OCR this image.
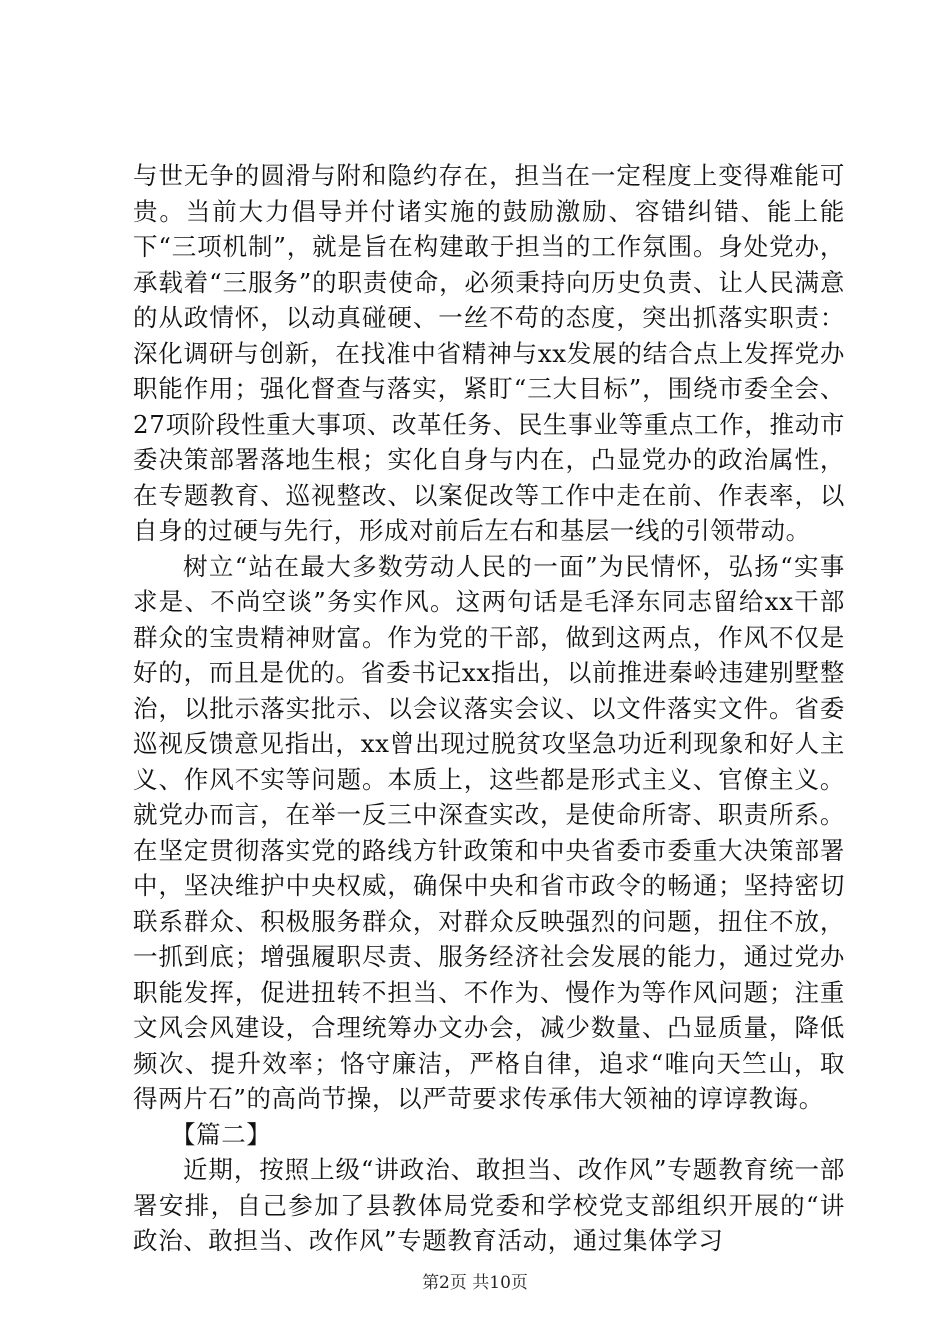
与世无争的圆滑与附和隐约存在，担当在一定程度上变得难能可贵。当前大力倡导并付诸实施的鼓励激励、容错纠错、能上能下“三项机制”，就是旨在构建敢于担当的工作氛围。身处党办，承载着“三服务”的职责使命，必须秉持向历史负责、让人民满意的从政情怀，以动真碰硬、一丝不苟的态度，突出抓落实职责：深化调研与创新，在找准中省精神与xx发展的结合点上发挥党办职能作用；强化督查与落实，紧盯“三大目标”，围绕市委全会、27项阶段性重大事项、改革任务、民生事业等重点工作，推动市委决策部署落地生根；实化自身与内在，凸显党办的政治属性，在专题教育、巡视整改、以案促改等工作中走在前、作表率，以自身的过硬与先行，形成对前后左右和基层一线的引领带动。

树立“站在最大多数劳动人民的一面”为民情怀，弘扬“实事求是、不尚空谈”务实作风。这两句话是毛泽东同志留给xx干部群众的宝贵精神财富。作为党的干部，做到这两点，作风不仅是好的，而且是优的。省委书记xx指出，以前推进秦岭违建别墅整治，以批示落实批示、以会议落实会议、以文件落实文件。省委巡视反馈意见指出，xx曾出现过脱贫攻坚急功近利现象和好人主义、作风不实等问题。本质上，这些都是形式主义、官僚主义。就党办而言，在举一反三中深查实改，是使命所寄、职责所系。在坚定贯彻落实党的路线方针政策和中央省委市委重大决策部署中，坚决维护中央权威，确保中央和省市政令的畅通；坚持密切联系群众、积极服务群众，对群众反映强烈的问题，扭住不放，一抓到底；增强履职尽责、服务经济社会发展的能力，通过党办职能发挥，促进扭转不担当、不作为、慢作为等作风问题；注重文风会风建设，合理统筹办文办会，减少数量、凸显质量，降低频次、提升效率；恪守廉洁，严格自律，追求“唯向天竺山，取得两片石”的高尚节操，以严苛要求传承伟大领袖的谆谆教诲。

【篇二】

近期，按照上级“讲政治、敢担当、改作风”专题教育统一部署安排，自己参加了县教体局党委和学校党支部组织开展的“讲政治、敢担当、改作风”专题教育活动，通过集体学习

第2页 共10页
